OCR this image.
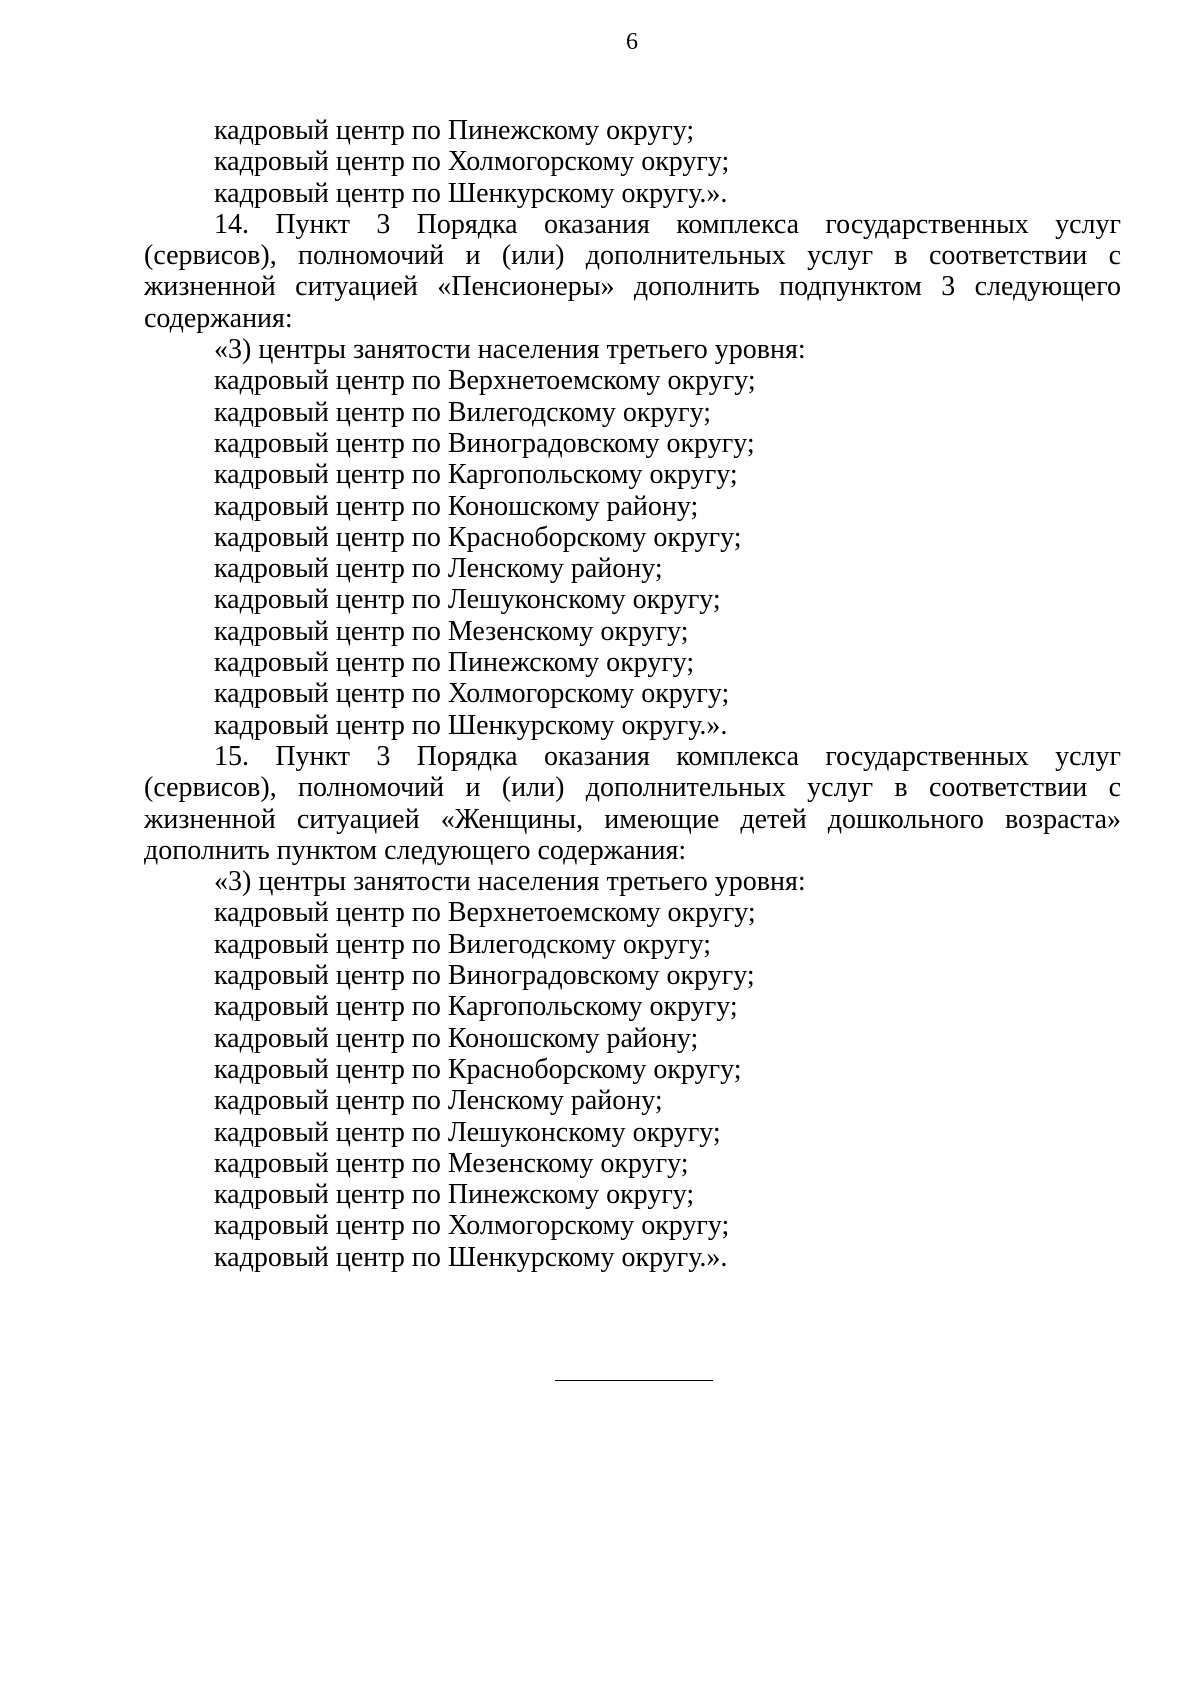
6
кадровый центр по Пинежскому округу;
кадровый центр по Холмогорскому округу;
кадровый центр по Шенкурскому округу.».

14. Пункт 3 Порядка оказания комплекса государственных услуг (сервисов), полномочий и (или) дополнительных услуг в соответствии с жизненной ситуацией «Пенсионеры» дополнить подпунктом 3 следующего содержания:

«3) центры занятости населения третьего уровня:
кадровый центр по Верхнетоемскому округу;
кадровый центр по Вилегодскому округу;
кадровый центр по Виноградовскому округу;
кадровый центр по Каргопольскому округу;
кадровый центр по Коношскому району;
кадровый центр по Красноборскому округу;
кадровый центр по Ленскому району;
кадровый центр по Лешуконскому округу;
кадровый центр по Мезенскому округу;
кадровый центр по Пинежскому округу;
кадровый центр по Холмогорскому округу;
кадровый центр по Шенкурскому округу.».

15. Пункт 3 Порядка оказания комплекса государственных услуг (сервисов), полномочий и (или) дополнительных услуг в соответствии с жизненной ситуацией «Женщины, имеющие детей дошкольного возраста» дополнить пунктом следующего содержания:

«3) центры занятости населения третьего уровня:
кадровый центр по Верхнетоемскому округу;
кадровый центр по Вилегодскому округу;
кадровый центр по Виноградовскому округу;
кадровый центр по Каргопольскому округу;
кадровый центр по Коношскому району;
кадровый центр по Красноборскому округу;
кадровый центр по Ленскому району;
кадровый центр по Лешуконскому округу;
кадровый центр по Мезенскому округу;
кадровый центр по Пинежскому округу;
кадровый центр по Холмогорскому округу;
кадровый центр по Шенкурскому округу.».
